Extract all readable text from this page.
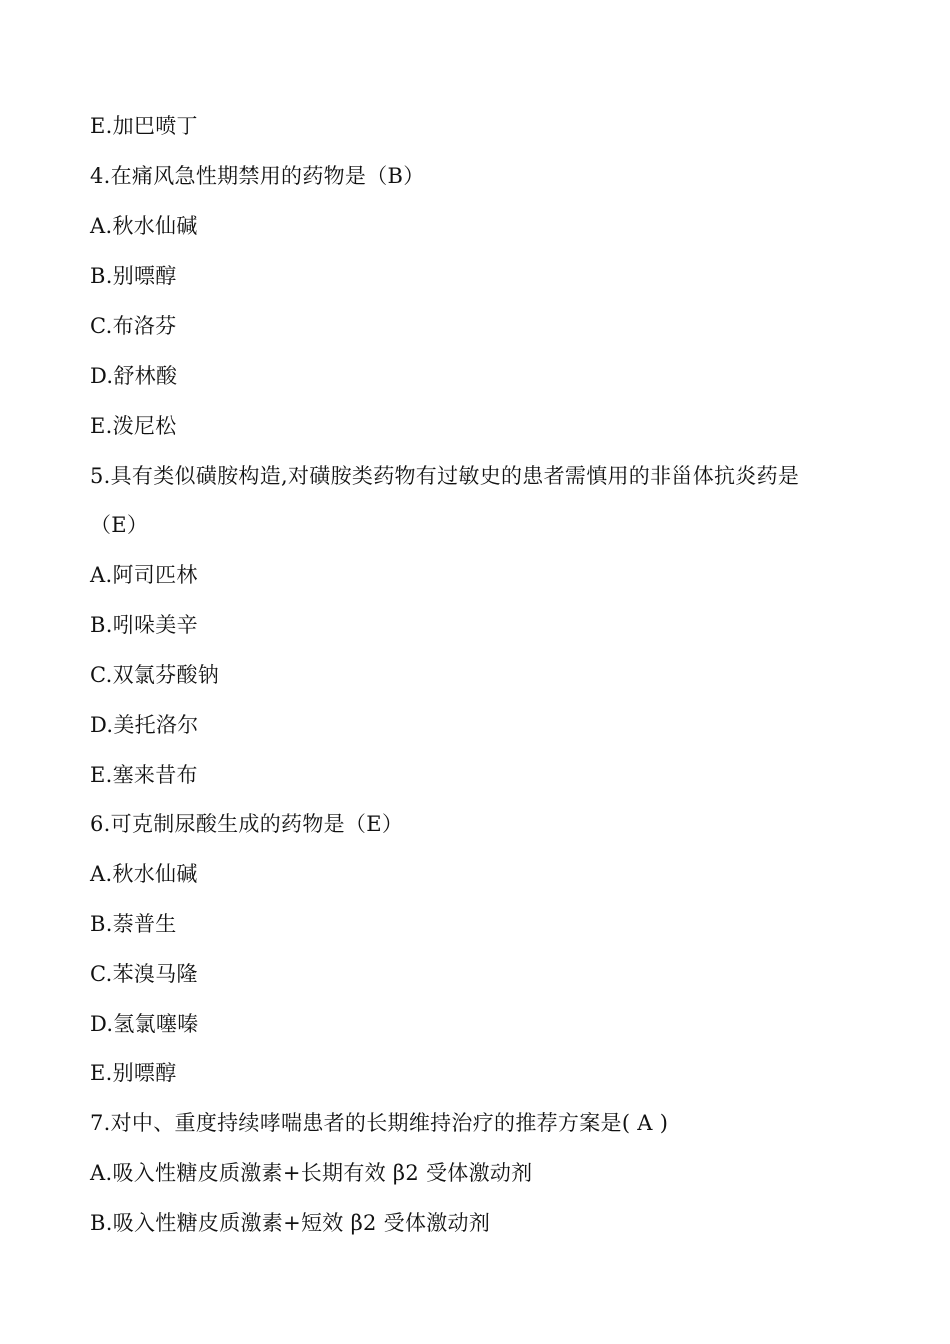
E.加巴喷丁
4.在痛风急性期禁用的药物是（B）
A.秋水仙碱
B.别嘌醇
C.布洛芬
D.舒林酸
E.泼尼松
5.具有类似磺胺构造,对磺胺类药物有过敏史的患者需慎用的非甾体抗炎药是
（E）
A.阿司匹林
B.吲哚美辛
C.双氯芬酸钠
D.美托洛尔
E.塞来昔布
6.可克制尿酸生成的药物是（E）
A.秋水仙碱
B.萘普生
C.苯溴马隆
D.氢氯噻嗪
E.别嘌醇
7.对中、重度持续哮喘患者的长期维持治疗的推荐方案是( A )
A.吸入性糖皮质激素+长期有效 β2 受体激动剂
B.吸入性糖皮质激素+短效 β2 受体激动剂
